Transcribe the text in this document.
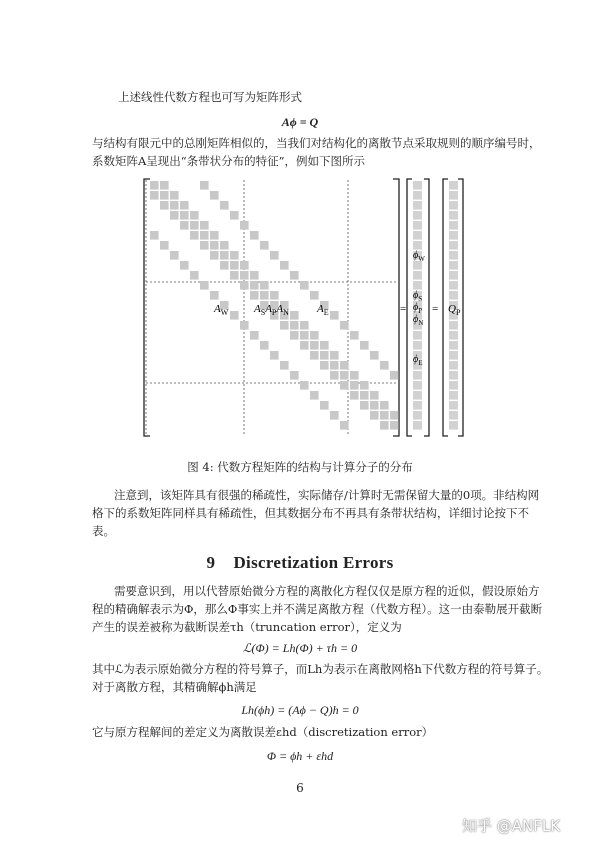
上述线性代数方程也可写为矩阵形式
Aϕ = Q
与结构有限元中的总刚矩阵相似的，当我们对结构化的离散节点采取规则的顺序编号时，
系数矩阵A呈现出“条带状分布的特征”，例如下图所示
$A_W$ $A_SA_PA_N$	$A_E$
$\phi_W$
$\phi_S$
$\phi_P$
$\phi_N$
$\phi_E$
= = $Q_P$
图 4: 代数方程矩阵的结构与计算分子的分布
注意到，该矩阵具有很强的稀疏性，实际储存/计算时无需保留大量的0项。非结构网
格下的系数矩阵同样具有稀疏性，但其数据分布不再具有条带状结构，详细讨论按下不
表。
9 Discretization Errors
需要意识到，用以代替原始微分方程的离散化方程仅仅是原方程的近似，假设原始方
程的精确解表示为Φ，那么Φ事实上并不满足离散方程（代数方程）。这一由泰勒展开截断
产生的误差被称为截断误差τh（truncation error），定义为
ℒ(Φ) = Lh(Φ) + τh = 0
其中ℒ为表示原始微分方程的符号算子，而Lh为表示在离散网格h下代数方程的符号算子。
对于离散方程，其精确解ϕh满足
Lh(ϕh) = (Aϕ − Q)h = 0
它与原方程解间的差定义为离散误差εhd（discretization error）
Φ = ϕh + εhd
6
知乎 @ANFLK
